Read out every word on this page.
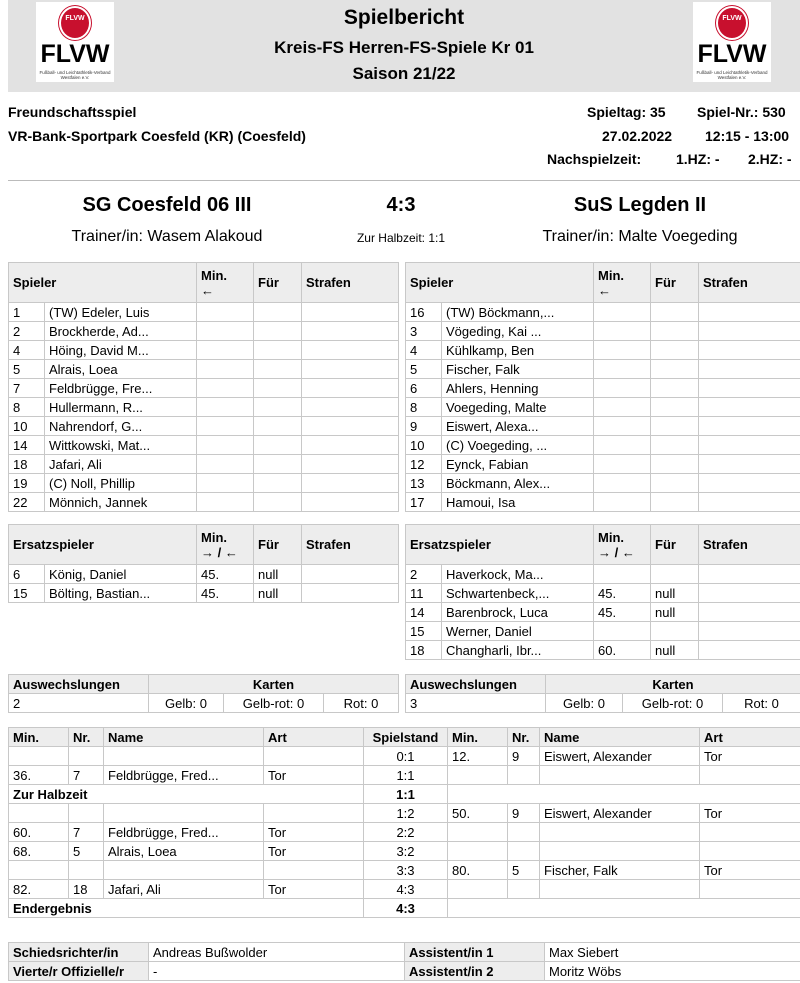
FLVW
FLVW
Fußball- und Leichtathletik-Verband
Westfalen e.V.
FLVW
FLVW
Fußball- und Leichtathletik-Verband
Westfalen e.V.
Spielbericht
Kreis-FS Herren-FS-Spiele Kr 01
Saison 21/22
Freundschaftsspiel
VR-Bank-Sportpark Coesfeld (KR) (Coesfeld)
Spieltag: 35 Spiel-Nr.: 530
27.02.2022 12:15 - 13:00
Nachspielzeit: 1.HZ: - 2.HZ: -
SG Coesfeld 06 III	4:3	SuS Legden II
Trainer/in: Wasem Alakoud	Zur Halbzeit: 1:1	Trainer/in: Malte Voegeding
Spieler		Min.
←	Für	Strafen
1	(TW) Edeler, Luis			
2	Brockherde, Ad...			
4	Höing, David M...			
5	Alrais, Loea			
7	Feldbrügge, Fre...			
8	Hullermann, R...			
10	Nahrendorf, G...			
14	Wittkowski, Mat...			
18	Jafari, Ali			
19	(C) Noll, Phillip			
22	Mönnich, Jannek			
Spieler		Min.
←	Für	Strafen
16	(TW) Böckmann,...			
3	Vögeding, Kai ...			
4	Kühlkamp, Ben			
5	Fischer, Falk			
6	Ahlers, Henning			
8	Voegeding, Malte			
9	Eiswert, Alexa...			
10	(C) Voegeding, ...			
12	Eynck, Fabian			
13	Böckmann, Alex...			
17	Hamoui, Isa			
Ersatzspieler		Min.
→ / ←	Für	Strafen
6	König, Daniel	45.	null	
15	Bölting, Bastian...	45.	null	
Ersatzspieler		Min.
→ / ←	Für	Strafen
2	Haverkock, Ma...			
11	Schwartenbeck,...	45.	null	
14	Barenbrock, Luca	45.	null	
15	Werner, Daniel			
18	Changharli, Ibr...	60.	null	
Auswechslungen	Karten		
2	Gelb: 0	Gelb-rot: 0	Rot: 0
Auswechslungen	Karten		
3	Gelb: 0	Gelb-rot: 0	Rot: 0
Min.	Nr.	Name	Art	Spielstand	Min.	Nr.	Name	Art
				0:1	12.	9	Eiswert, Alexander	Tor
36.	7	Feldbrügge, Fred...	Tor	1:1				
Zur Halbzeit				1:1				
				1:2	50.	9	Eiswert, Alexander	Tor
60.	7	Feldbrügge, Fred...	Tor	2:2				
68.	5	Alrais, Loea	Tor	3:2				
				3:3	80.	5	Fischer, Falk	Tor
82.	18	Jafari, Ali	Tor	4:3				
Endergebnis				4:3				
Schiedsrichter/in	Andreas Bußwolder	Assistent/in 1	Max Siebert
Vierte/r Offizielle/r	-	Assistent/in 2	Moritz Wöbs
